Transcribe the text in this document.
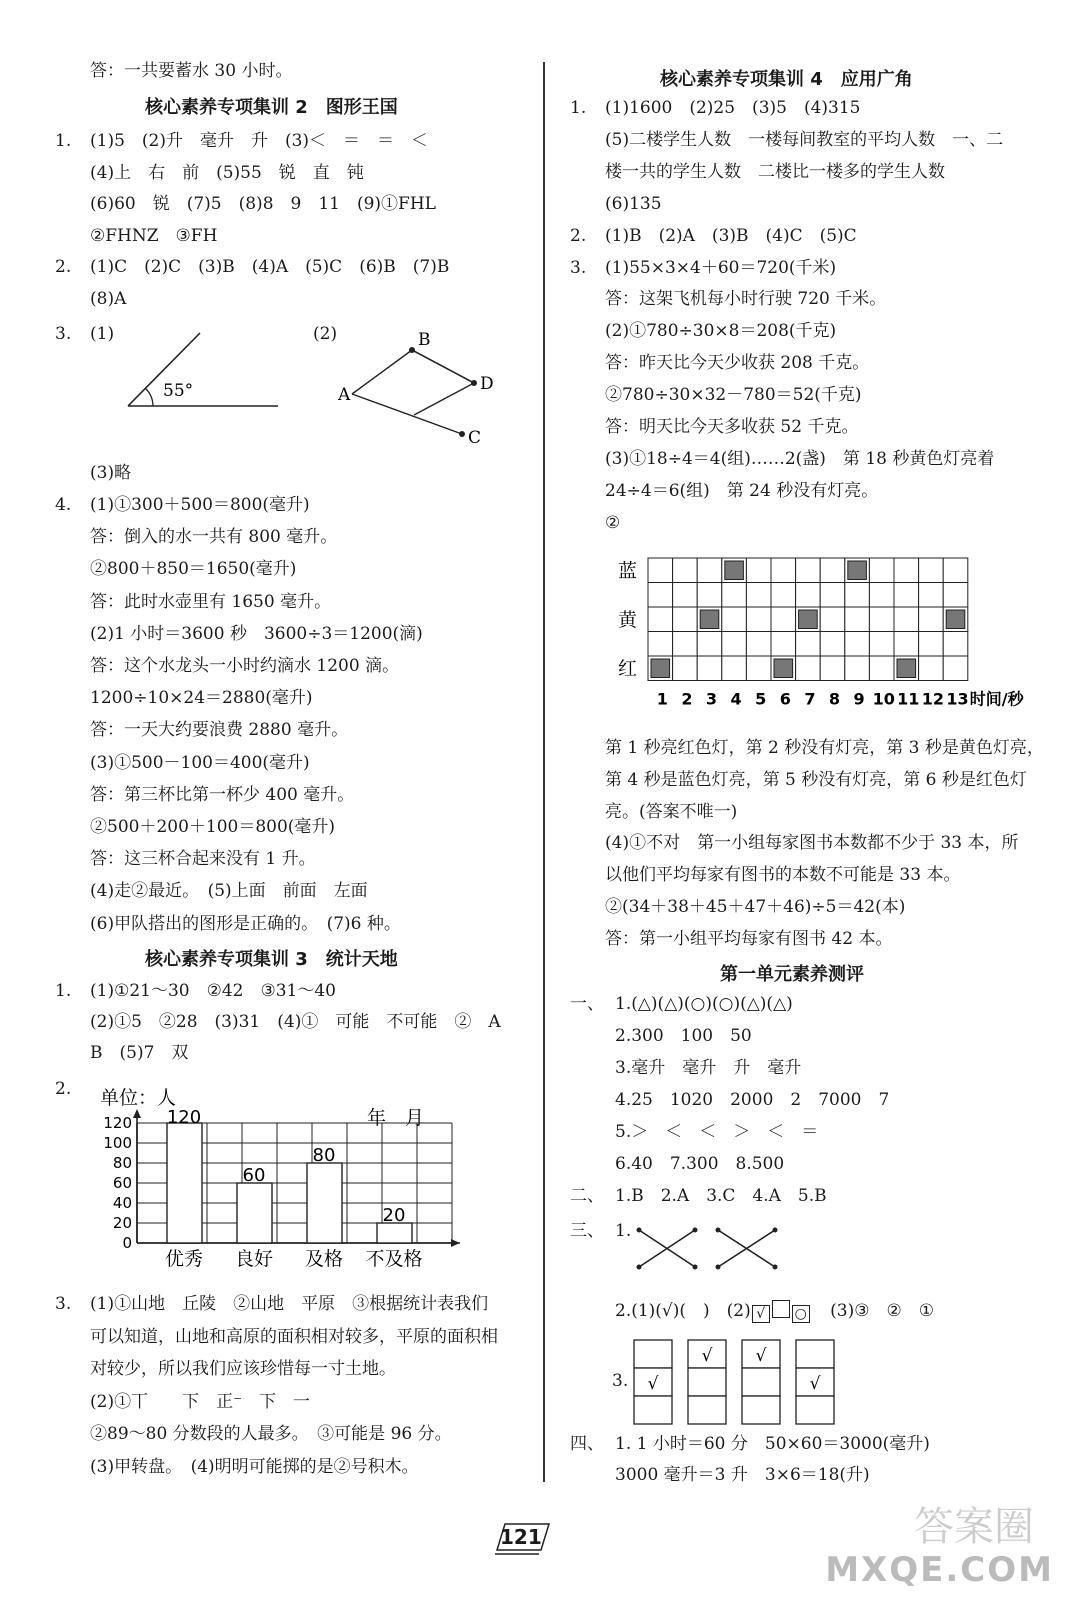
答：一共要蓄水 30 小时。
核心素养专项集训 2　图形王国
1. (1)5　(2)升　毫升　升　(3)＜　＝　＝　＜
(4)上　右　前　(5)55　锐　直　钝
(6)60　锐　(7)5　(8)8　9　11　(9)①FHL
②FHNZ　③FH
2. (1)C　(2)C　(3)B　(4)A　(5)C　(6)B　(7)B
(8)A
3. (1)	(2)
55°	A
B
D
C
(3)略
4. (1)①300＋500＝800(毫升)
答：倒入的水一共有 800 毫升。
②800＋850＝1650(毫升)
答：此时水壶里有 1650 毫升。
(2)1 小时＝3600 秒　3600÷3＝1200(滴)
答：这个水龙头一小时约滴水 1200 滴。
1200÷10×24＝2880(毫升)
答：一天大约要浪费 2880 毫升。
(3)①500－100＝400(毫升)
答：第三杯比第一杯少 400 毫升。
②500＋200＋100＝800(毫升)
答：这三杯合起来没有 1 升。
(4)走②最近。　(5)上面　前面　左面
(6)甲队搭出的图形是正确的。　(7)6 种。
核心素养专项集训 3　统计天地
1. (1)①21～30　②42　③31～40
(2)①5　②28　(3)31　(4)①　可能　不可能　②　A
B　(5)7　双
2. 单位：人
年　月
0
20
40
60
80
100
120 120
优秀
60
良好
80
及格
20
不及格
3. (1)①山地　丘陵　②山地　平原　③根据统计表我们
可以知道，山地和高原的面积相对较多，平原的面积相
对较少，所以我们应该珍惜每一寸土地。
(2)①丅　　下　正⁻　下　一
②89～80 分数段的人最多。　③可能是 96 分。
(3)甲转盘。　(4)明明可能掷的是②号积木。
核心素养专项集训 4　应用广角
1. (1)1600　(2)25　(3)5　(4)315
(5)二楼学生人数　一楼每间教室的平均人数　一、二
楼一共的学生人数　二楼比一楼多的学生人数
(6)135
2. (1)B　(2)A　(3)B　(4)C　(5)C
3. (1)55×3×4＋60＝720(千米)
答：这架飞机每小时行驶 720 千米。
(2)①780÷30×8＝208(千克)
答：昨天比今天少收获 208 千克。
②780÷30×32－780＝52(千克)
答：明天比今天多收获 52 千克。
(3)①18÷4＝4(组)……2(盏)　第 18 秒黄色灯亮着
24÷4＝6(组)　第 24 秒没有灯亮。
②
蓝
黄
红
1 2 3 4 5 6 7 8 9 10 11 12 13 时间/秒
第 1 秒亮红色灯，第 2 秒没有灯亮，第 3 秒是黄色灯亮，
第 4 秒是蓝色灯亮，第 5 秒没有灯亮，第 6 秒是红色灯
亮。(答案不唯一)
(4)①不对　第一小组每家图书本数都不少于 33 本，所
以他们平均每家有图书的本数不可能是 33 本。
②(34＋38＋45＋47＋46)÷5＝42(本)
答：第一小组平均每家有图书 42 本。
第一单元素养测评
一、 1.(△)(△)(○)(○)(△)(△)
2.300　100　50
3.毫升　毫升　升　毫升
4.25　1020　2000　2　7000　7
5.＞　＜　＜　＞　＜　＝
6.40　7.300　8.500
二、 1.B　2.A　3.C　4.A　5.B
三、 1.
2.(1)(√)(　)　(2) √ ○ (3)③　②　①
3. √
√	√
√
四、 1. 1 小时＝60 分　50×60＝3000(毫升)
3000 毫升＝3 升　3×6＝18(升)
121	答案圈
MXQE.COM
